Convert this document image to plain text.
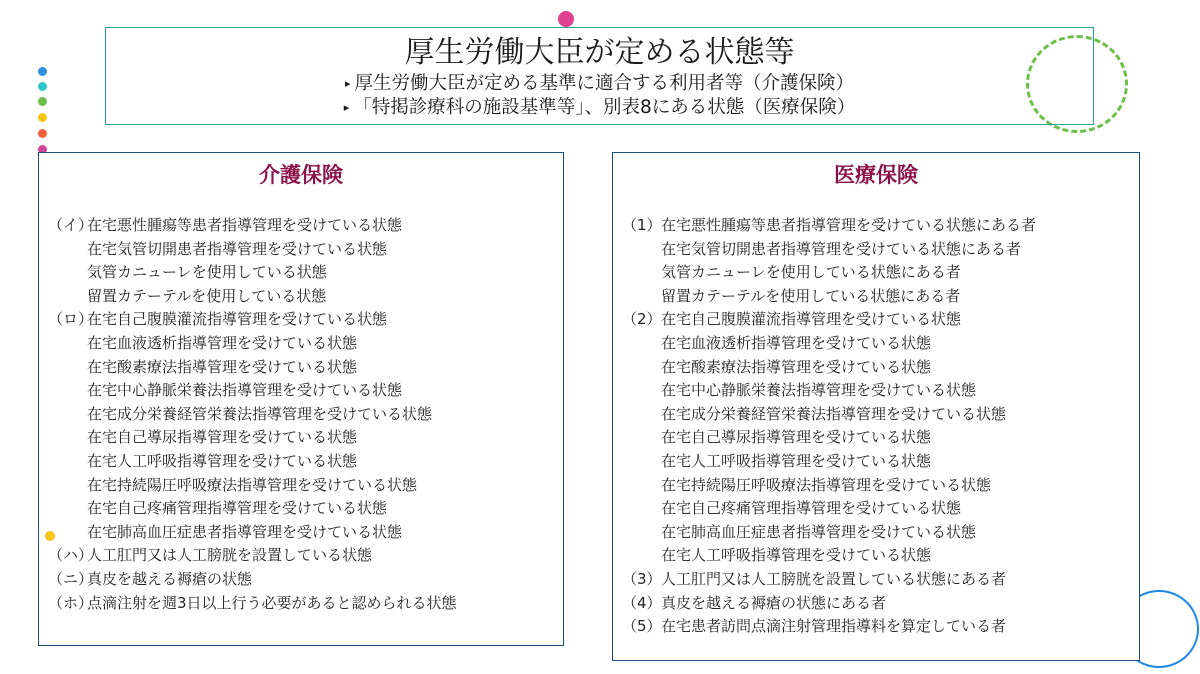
厚生労働大臣が定める状態等
▸ 厚生労働大臣が定める基準に適合する利用者等（介護保険）
▸ 「特掲診療科の施設基準等」、別表8にある状態（医療保険）
介護保険
（イ）在宅悪性腫瘍等患者指導管理を受けている状態
在宅気管切開患者指導管理を受けている状態
気管カニューレを使用している状態
留置カテーテルを使用している状態
（ロ）在宅自己腹膜灌流指導管理を受けている状態
在宅血液透析指導管理を受けている状態
在宅酸素療法指導管理を受けている状態
在宅中心静脈栄養法指導管理を受けている状態
在宅成分栄養経管栄養法指導管理を受けている状態
在宅自己導尿指導管理を受けている状態
在宅人工呼吸指導管理を受けている状態
在宅持続陽圧呼吸療法指導管理を受けている状態
在宅自己疼痛管理指導管理を受けている状態
在宅肺高血圧症患者指導管理を受けている状態
（ハ）人工肛門又は人工膀胱を設置している状態
（ニ）真皮を越える褥瘡の状態
（ホ）点滴注射を週3日以上行う必要があると認められる状態
医療保険
（1）在宅悪性腫瘍等患者指導管理を受けている状態にある者
在宅気管切開患者指導管理を受けている状態にある者
気管カニューレを使用している状態にある者
留置カテーテルを使用している状態にある者
（2）在宅自己腹膜灌流指導管理を受けている状態
在宅血液透析指導管理を受けている状態
在宅酸素療法指導管理を受けている状態
在宅中心静脈栄養法指導管理を受けている状態
在宅成分栄養経管栄養法指導管理を受けている状態
在宅自己導尿指導管理を受けている状態
在宅人工呼吸指導管理を受けている状態
在宅持続陽圧呼吸療法指導管理を受けている状態
在宅自己疼痛管理指導管理を受けている状態
在宅肺高血圧症患者指導管理を受けている状態
在宅人工呼吸指導管理を受けている状態
（3）人工肛門又は人工膀胱を設置している状態にある者
（4）真皮を越える褥瘡の状態にある者
（5）在宅患者訪問点滴注射管理指導料を算定している者
